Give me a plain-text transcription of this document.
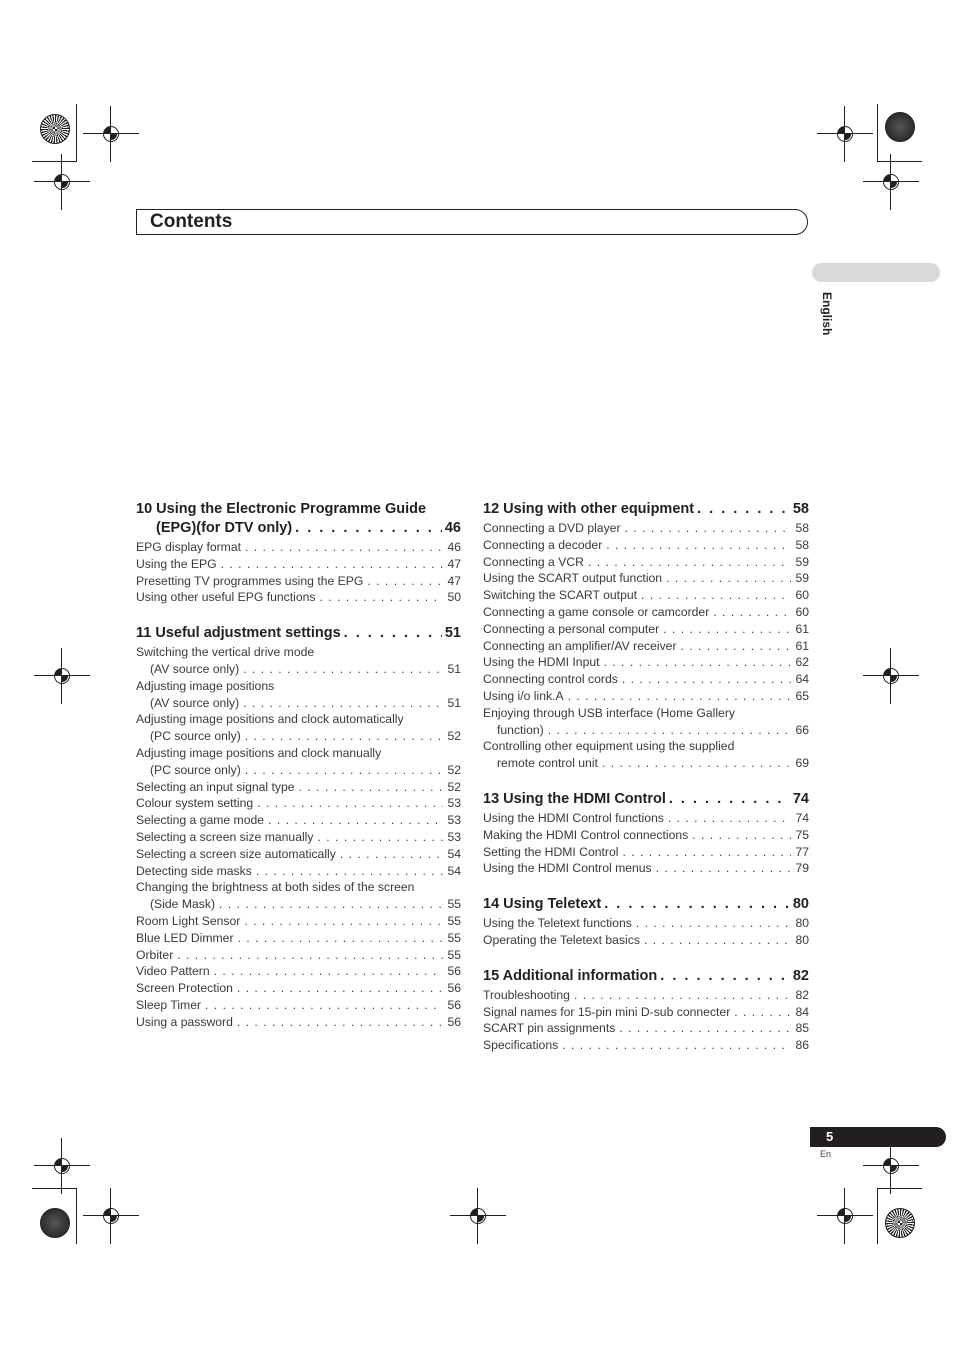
Contents
English
10 Using the Electronic Programme Guide
(EPG)(for DTV only) . . .	46
EPG display format . . .	46
Using the EPG . . .	47
Presetting TV programmes using the EPG . . .	47
Using other useful EPG functions . . .	50
11 Useful adjustment settings . . .	51
Switching the vertical drive mode
(AV source only) . . .	51
Adjusting image positions
(AV source only) . . .	51
Adjusting image positions and clock automatically
(PC source only) . . .	52
Adjusting image positions and clock manually
(PC source only) . . .	52
Selecting an input signal type . . .	52
Colour system setting . . .	53
Selecting a game mode . . .	53
Selecting a screen size manually . . .	53
Selecting a screen size automatically . . .	54
Detecting side masks . . .	54
Changing the brightness at both sides of the screen
(Side Mask) . . .	55
Room Light Sensor . . .	55
Blue LED Dimmer . . .	55
Orbiter . . .	55
Video Pattern . . .	56
Screen Protection . . .	56
Sleep Timer . . .	56
Using a password . . .	56
12 Using with other equipment . . .	58
Connecting a DVD player . . .	58
Connecting a decoder . . .	58
Connecting a VCR . . .	59
Using the SCART output function . . .	59
Switching the SCART output . . .	60
Connecting a game console or camcorder . . .	60
Connecting a personal computer . . .	61
Connecting an amplifier/AV receiver . . .	61
Using the HDMI Input . . .	62
Connecting control cords . . .	64
Using i/o link.A . . .	65
Enjoying through USB interface (Home Gallery
function) . . .	66
Controlling other equipment using the supplied
remote control unit . . .	69
13 Using the HDMI Control . . .	74
Using the HDMI Control functions . . .	74
Making the HDMI Control connections . . .	75
Setting the HDMI Control . . .	77
Using the HDMI Control menus . . .	79
14 Using Teletext . . .	80
Using the Teletext functions . . .	80
Operating the Teletext basics . . .	80
15 Additional information . . .	82
Troubleshooting . . .	82
Signal names for 15-pin mini D-sub connecter . . .	84
SCART pin assignments . . .	85
Specifications . . .	86
5
En
